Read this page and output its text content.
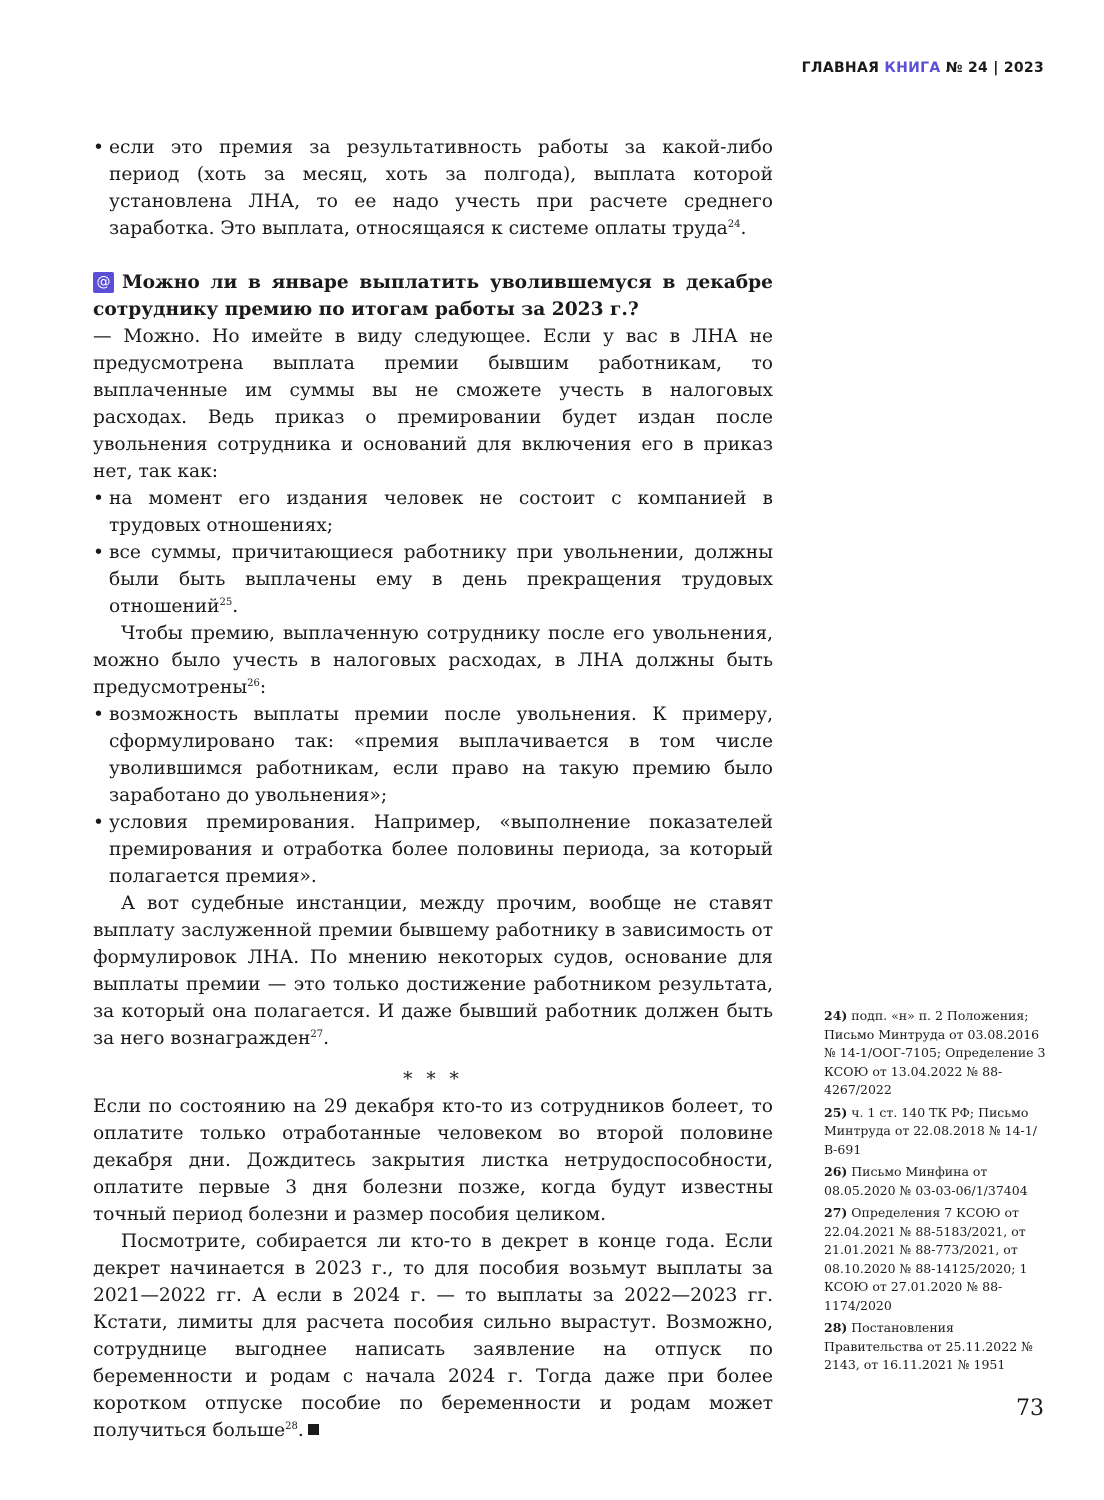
ГЛАВНАЯ КНИГА № 24 | 2023
• если это премия за результативность работы за какой-либо период (хоть за месяц, хоть за полгода), выплата которой установлена ЛНА, то ее надо учесть при расчете среднего заработка. Это выплата, относящаяся к системе оплаты труда$^{24}$.

@ Можно ли в январе выплатить уволившемуся в декабре сотруднику премию по итогам работы за 2023 г.?

— Можно. Но имейте в виду следующее. Если у вас в ЛНА не предусмотрена выплата премии бывшим работникам, то выплаченные им суммы вы не сможете учесть в налоговых расходах. Ведь приказ о премировании будет издан после увольнения сотрудника и оснований для включения его в приказ нет, так как:

• на момент его издания человек не состоит с компанией в трудовых отношениях;
• все суммы, причитающиеся работнику при увольнении, должны были быть выплачены ему в день прекращения трудовых отношений$^{25}$.

Чтобы премию, выплаченную сотруднику после его увольнения, можно было учесть в налоговых расходах, в ЛНА должны быть предусмотрены$^{26}$:

• возможность выплаты премии после увольнения. К примеру, сформулировано так: «премия выплачивается в том числе уволившимся работникам, если право на такую премию было заработано до увольнения»;
• условия премирования. Например, «выполнение показателей премирования и отработка более половины периода, за который полагается премия».

А вот судебные инстанции, между прочим, вообще не ставят выплату заслуженной премии бывшему работнику в зависимость от формулировок ЛНА. По мнению некоторых судов, основание для выплаты премии — это только достижение работником результата, за который она полагается. И даже бывший работник должен быть за него вознагражден$^{27}$.

* * *

Если по состоянию на 29 декабря кто-то из сотрудников болеет, то оплатите только отработанные человеком во второй половине декабря дни. Дождитесь закрытия листка нетрудоспособности, оплатите первые 3 дня болезни позже, когда будут известны точный период болезни и размер пособия целиком.

Посмотрите, собирается ли кто-то в декрет в конце года. Если декрет начинается в 2023 г., то для пособия возьмут выплаты за 2021—2022 гг. А если в 2024 г. — то выплаты за 2022—2023 гг. Кстати, лимиты для расчета пособия сильно вырастут. Возможно, сотруднице выгоднее написать заявление на отпуск по беременности и родам с начала 2024 г. Тогда даже при более коротком отпуске пособие по беременности и родам может получиться больше$^{28}$.

24) подп. «н» п. 2 Положения; Письмо Минтруда от 03.08.2016 № 14-1/ООГ-7105; Определение 3 КСОЮ от 13.04.2022 № 88-4267/2022
25) ч. 1 ст. 140 ТК РФ; Письмо Минтруда от 22.08.2018 № 14-1/В-691
26) Письмо Минфина от 08.05.2020 № 03-03-06/1/37404
27) Определения 7 КСОЮ от 22.04.2021 № 88-5183/2021, от 21.01.2021 № 88-773/2021, от 08.10.2020 № 88-14125/2020; 1 КСОЮ от 27.01.2020 № 88-1174/2020
28) Постановления Правительства от 25.11.2022 № 2143, от 16.11.2021 № 1951
73
